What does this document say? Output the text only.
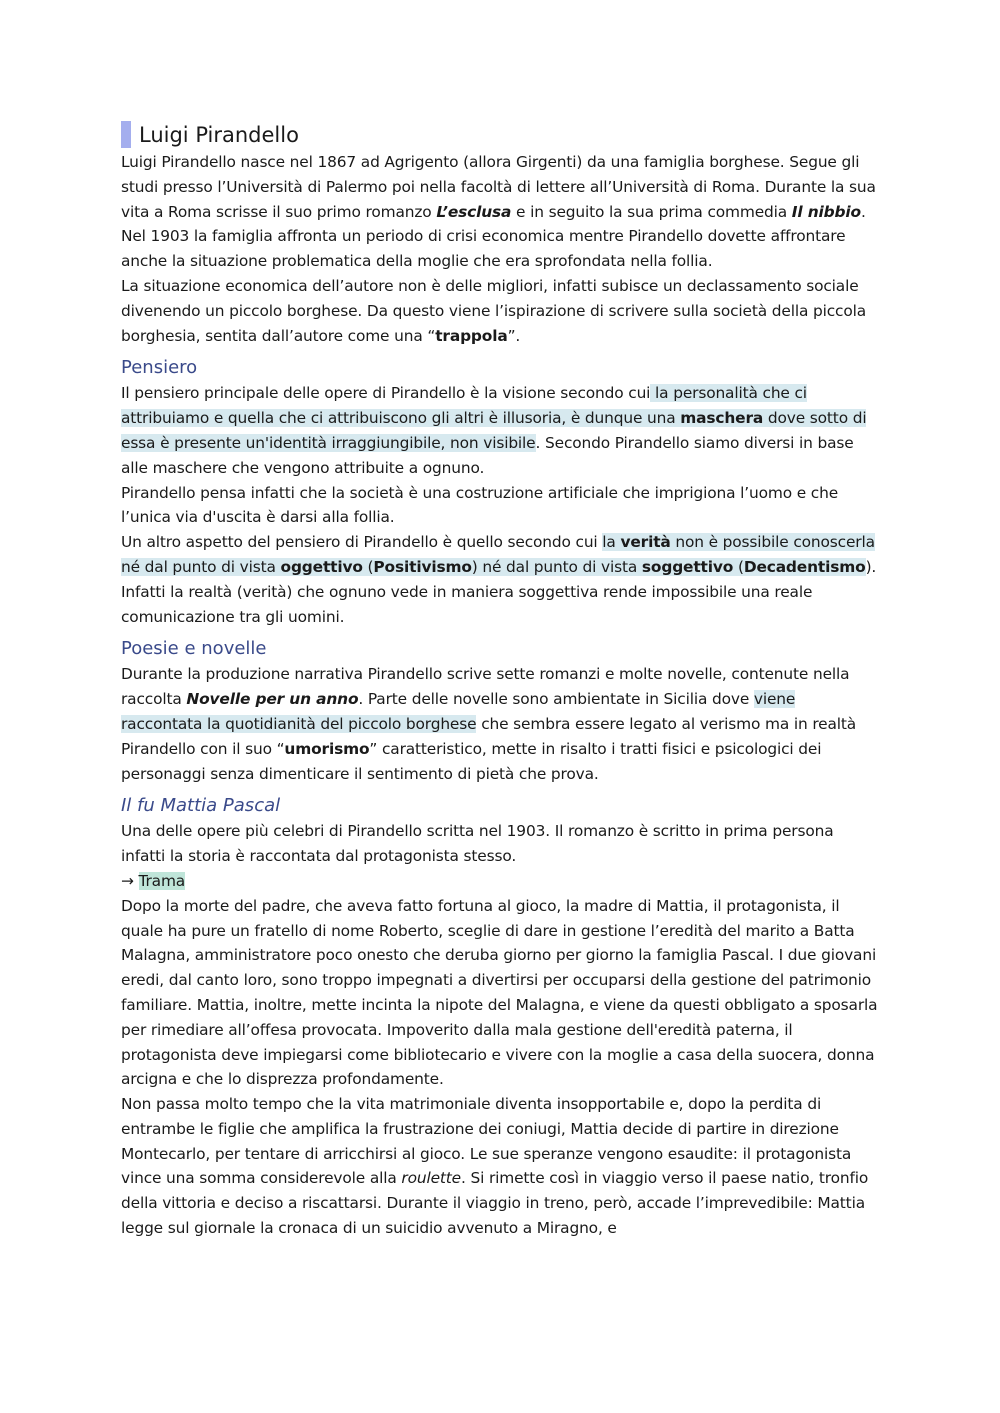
Luigi Pirandello

Luigi Pirandello nasce nel 1867 ad Agrigento (allora Girgenti) da una famiglia borghese. Segue gli studi presso l’Università di Palermo poi nella facoltà di lettere all’Università di Roma. Durante la sua vita a Roma scrisse il suo primo romanzo L’esclusa e in seguito la sua prima commedia Il nibbio.

Nel 1903 la famiglia affronta un periodo di crisi economica mentre Pirandello dovette affrontare anche la situazione problematica della moglie che era sprofondata nella follia.

La situazione economica dell’autore non è delle migliori, infatti subisce un declassamento sociale divenendo un piccolo borghese. Da questo viene l’ispirazione di scrivere sulla società della piccola borghesia, sentita dall’autore come una “trappola”.

Pensiero

Il pensiero principale delle opere di Pirandello è la visione secondo cui la personalità che ci attribuiamo e quella che ci attribuiscono gli altri è illusoria, è dunque una maschera dove sotto di essa è presente un'identità irraggiungibile, non visibile. Secondo Pirandello siamo diversi in base alle maschere che vengono attribuite a ognuno.

Pirandello pensa infatti che la società è una costruzione artificiale che imprigiona l’uomo e che l’unica via d'uscita è darsi alla follia.

Un altro aspetto del pensiero di Pirandello è quello secondo cui la verità non è possibile conoscerla né dal punto di vista oggettivo (Positivismo) né dal punto di vista soggettivo (Decadentismo). Infatti la realtà (verità) che ognuno vede in maniera soggettiva rende impossibile una reale comunicazione tra gli uomini.

Poesie e novelle

Durante la produzione narrativa Pirandello scrive sette romanzi e molte novelle, contenute nella raccolta Novelle per un anno. Parte delle novelle sono ambientate in Sicilia dove viene raccontata la quotidianità del piccolo borghese che sembra essere legato al verismo ma in realtà Pirandello con il suo “umorismo” caratteristico, mette in risalto i tratti fisici e psicologici dei personaggi senza dimenticare il sentimento di pietà che prova.

Il fu Mattia Pascal

Una delle opere più celebri di Pirandello scritta nel 1903. Il romanzo è scritto in prima persona infatti la storia è raccontata dal protagonista stesso.

→ Trama

Dopo la morte del padre, che aveva fatto fortuna al gioco, la madre di Mattia, il protagonista, il quale ha pure un fratello di nome Roberto, sceglie di dare in gestione l’eredità del marito a Batta Malagna, amministratore poco onesto che deruba giorno per giorno la famiglia Pascal. I due giovani eredi, dal canto loro, sono troppo impegnati a divertirsi per occuparsi della gestione del patrimonio familiare. Mattia, inoltre, mette incinta la nipote del Malagna, e viene da questi obbligato a sposarla per rimediare all’offesa provocata. Impoverito dalla mala gestione dell'eredità paterna, il protagonista deve impiegarsi come bibliotecario e vivere con la moglie a casa della suocera, donna arcigna e che lo disprezza profondamente.

Non passa molto tempo che la vita matrimoniale diventa insopportabile e, dopo la perdita di entrambe le figlie che amplifica la frustrazione dei coniugi, Mattia decide di partire in direzione Montecarlo, per tentare di arricchirsi al gioco. Le sue speranze vengono esaudite: il protagonista vince una somma considerevole alla roulette. Si rimette così in viaggio verso il paese natio, tronfio della vittoria e deciso a riscattarsi. Durante il viaggio in treno, però, accade l’imprevedibile: Mattia legge sul giornale la cronaca di un suicidio avvenuto a Miragno, e
